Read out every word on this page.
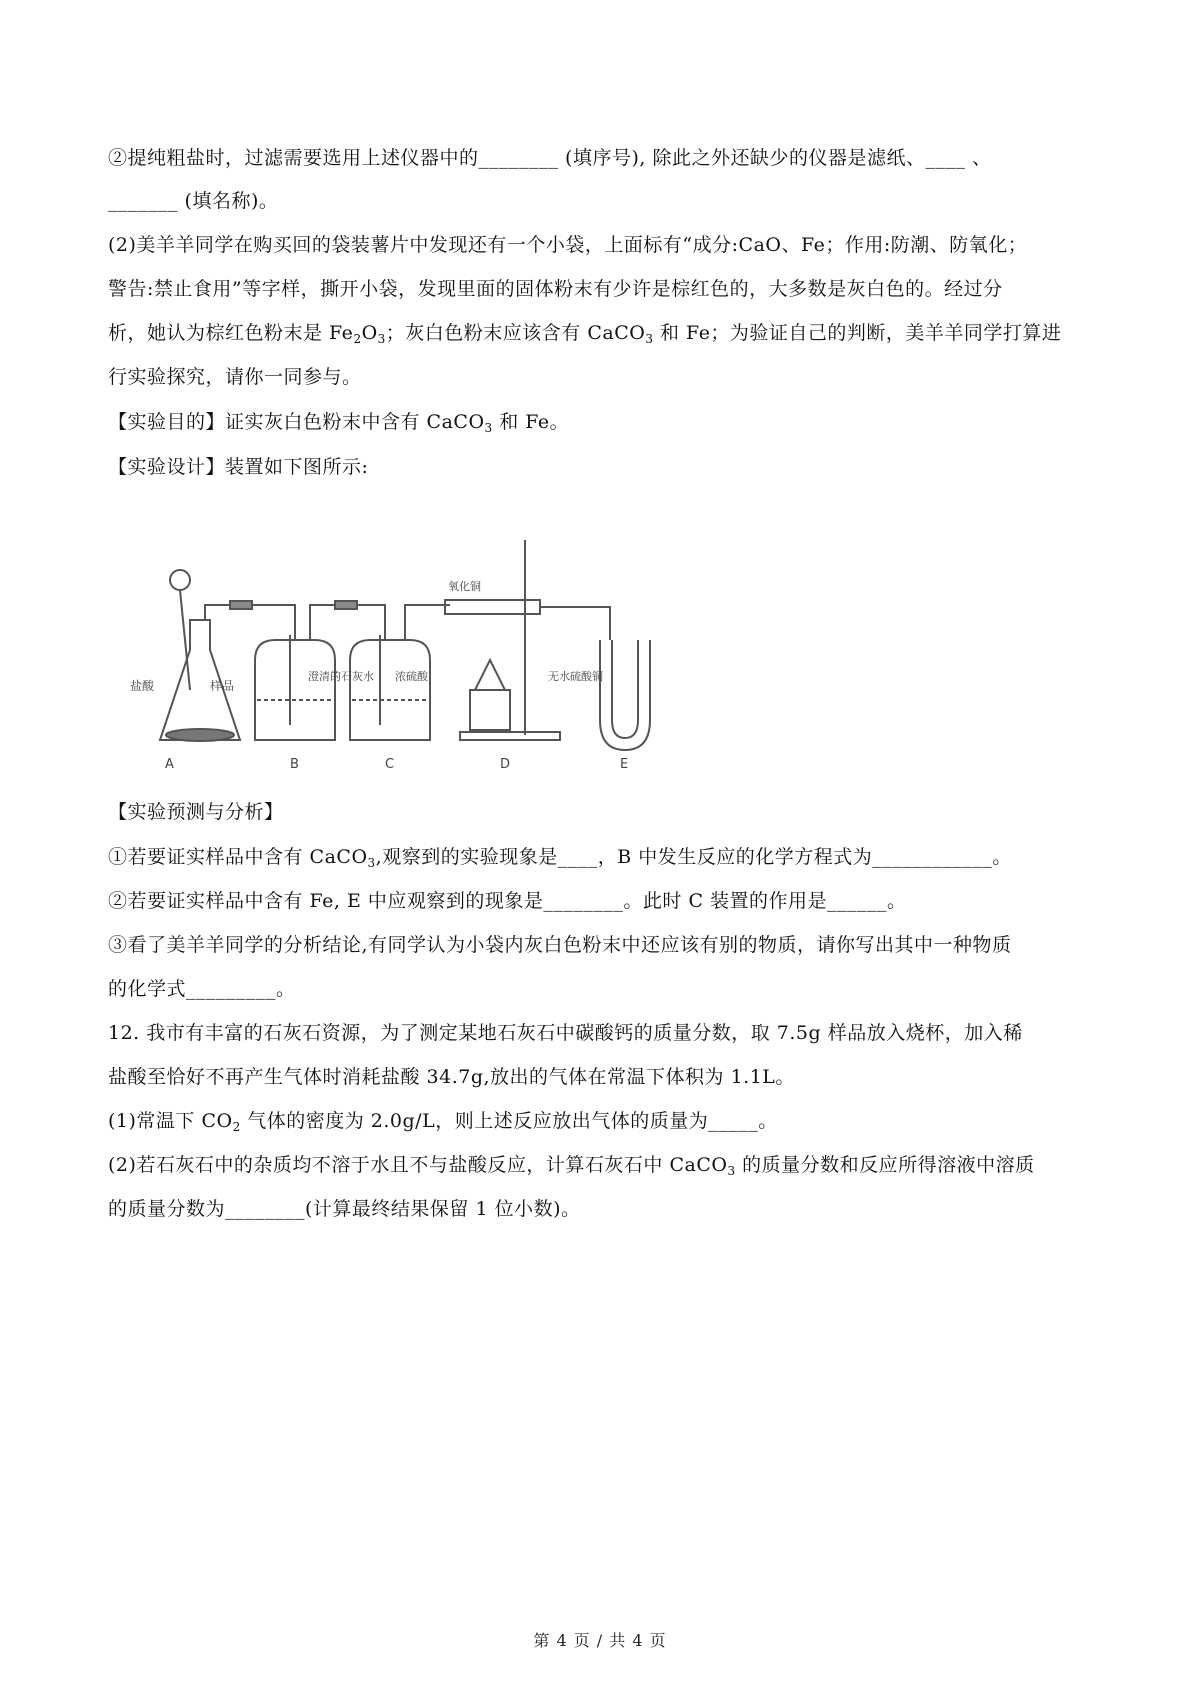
②提纯粗盐时，过滤需要选用上述仪器中的________ (填序号), 除此之外还缺少的仪器是滤纸、____ 、
_______ (填名称)。
(2)美羊羊同学在购买回的袋装薯片中发现还有一个小袋，上面标有“成分:CaO、Fe；作用:防潮、防氧化；
警告:禁止食用”等字样，撕开小袋，发现里面的固体粉末有少许是棕红色的，大多数是灰白色的。经过分
析，她认为棕红色粉末是 $Fe_2O_3$；灰白色粉末应该含有 CaCO$_3$ 和 Fe；为验证自己的判断，美羊羊同学打算进
行实验探究，请你一同参与。
【实验目的】证实灰白色粉末中含有 CaCO$_3$ 和 Fe。
【实验设计】装置如下图所示:
盐酸	样品
澄清的石灰水 浓硫酸
氧化铜
无水硫酸铜
A	B	C	D	E
【实验预测与分析】
①若要证实样品中含有 CaCO$_3$,观察到的实验现象是____，B 中发生反应的化学方程式为____________。
②若要证实样品中含有 Fe, E 中应观察到的现象是________。此时 C 装置的作用是______。
③看了美羊羊同学的分析结论,有同学认为小袋内灰白色粉末中还应该有别的物质，请你写出其中一种物质
的化学式_________。
12. 我市有丰富的石灰石资源，为了测定某地石灰石中碳酸钙的质量分数，取 7.5g 样品放入烧杯，加入稀
盐酸至恰好不再产生气体时消耗盐酸 34.7g,放出的气体在常温下体积为 1.1L。
(1)常温下 $CO_2$ 气体的密度为 2.0g/L，则上述反应放出气体的质量为_____。
(2)若石灰石中的杂质均不溶于水且不与盐酸反应，计算石灰石中 CaCO$_3$ 的质量分数和反应所得溶液中溶质
的质量分数为________(计算最终结果保留 1 位小数)。
第 4 页 / 共 4 页
